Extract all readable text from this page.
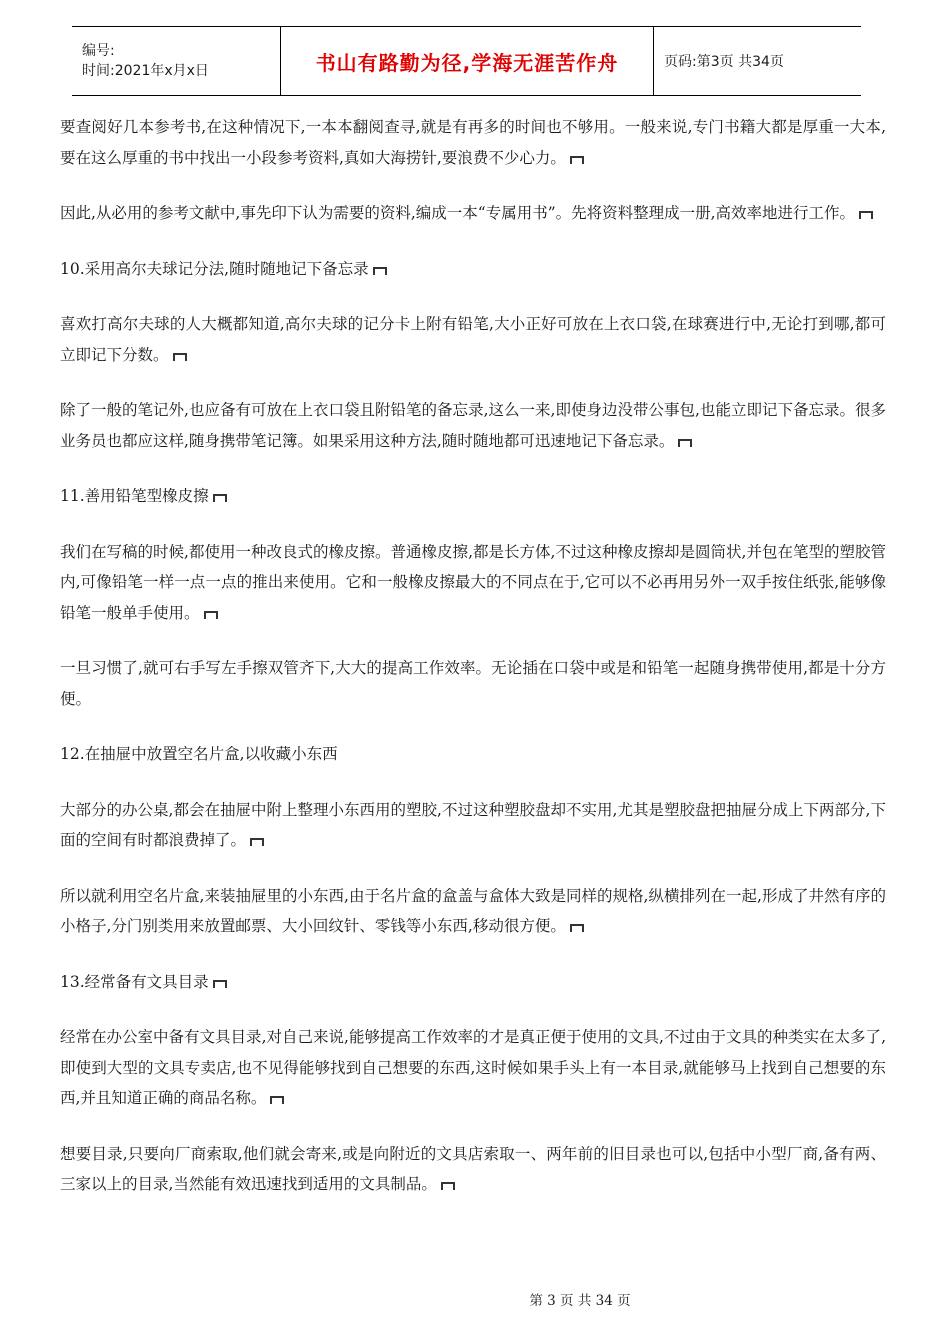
编号:
时间:2021年x月x日	书山有路勤为径,学海无涯苦作舟	页码:第3页 共34页

要查阅好几本参考书,在这种情况下,一本本翻阅查寻,就是有再多的时间也不够用。一般来说,专门书籍大都是厚重一大本,要在这么厚重的书中找出一小段参考资料,真如大海捞针,要浪费不少心力。

因此,从必用的参考文献中,事先印下认为需要的资料,编成一本“专属用书”。先将资料整理成一册,高效率地进行工作。

10.采用高尔夫球记分法,随时随地记下备忘录

喜欢打高尔夫球的人大概都知道,高尔夫球的记分卡上附有铅笔,大小正好可放在上衣口袋,在球赛进行中,无论打到哪,都可立即记下分数。

除了一般的笔记外,也应备有可放在上衣口袋且附铅笔的备忘录,这么一来,即使身边没带公事包,也能立即记下备忘录。很多业务员也都应这样,随身携带笔记簿。如果采用这种方法,随时随地都可迅速地记下备忘录。

11.善用铅笔型橡皮擦

我们在写稿的时候,都使用一种改良式的橡皮擦。普通橡皮擦,都是长方体,不过这种橡皮擦却是圆筒状,并包在笔型的塑胶管内,可像铅笔一样一点一点的推出来使用。它和一般橡皮擦最大的不同点在于,它可以不必再用另外一双手按住纸张,能够像铅笔一般单手使用。

一旦习惯了,就可右手写左手擦双管齐下,大大的提高工作效率。无论插在口袋中或是和铅笔一起随身携带使用,都是十分方便。

12.在抽屉中放置空名片盒,以收藏小东西

大部分的办公桌,都会在抽屉中附上整理小东西用的塑胶,不过这种塑胶盘却不实用,尤其是塑胶盘把抽屉分成上下两部分,下面的空间有时都浪费掉了。

所以就利用空名片盒,来装抽屉里的小东西,由于名片盒的盒盖与盒体大致是同样的规格,纵横排列在一起,形成了井然有序的小格子,分门别类用来放置邮票、大小回纹针、零钱等小东西,移动很方便。

13.经常备有文具目录

经常在办公室中备有文具目录,对自己来说,能够提高工作效率的才是真正便于使用的文具,不过由于文具的种类实在太多了,即使到大型的文具专卖店,也不见得能够找到自己想要的东西,这时候如果手头上有一本目录,就能够马上找到自己想要的东西,并且知道正确的商品名称。

想要目录,只要向厂商索取,他们就会寄来,或是向附近的文具店索取一、两年前的旧目录也可以,包括中小型厂商,备有两、三家以上的目录,当然能有效迅速找到适用的文具制品。

第 3 页 共 34 页
